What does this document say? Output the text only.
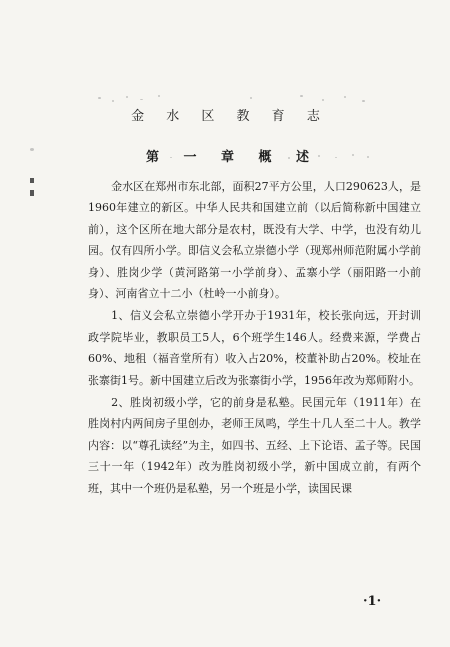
金 水 区 教 育 志
第 一 章 概 述

金水区在郑州市东北部，面积27平方公里，人口290623人，是1960年建立的新区。中华人民共和国建立前（以后简称新中国建立前），这个区所在地大部分是农村，既没有大学、中学，也没有幼儿园。仅有四所小学。即信义会私立崇德小学（现郑州师范附属小学前身）、胜岗少学（黄河路第一小学前身）、孟寨小学（丽阳路一小前身）、河南省立十二小（杜岭一小前身）。

1、信义会私立崇德小学开办于1931年，校长张向远，开封训政学院毕业，教职员工5人，6个班学生146人。经费来源，学费占60%、地租（福音堂所有）收入占20%，校董补助占20%。校址在张寨街1号。新中国建立后改为张寨街小学，1956年改为郑师附小。

2、胜岗初级小学，它的前身是私塾。民国元年（1911年）在胜岗村内两间房子里创办，老师王凤鸣，学生十几人至二十人。教学内容：以“尊孔读经”为主，如四书、五经、上下论语、孟子等。民国三十一年（1942年）改为胜岗初级小学，新中国成立前，有两个班，其中一个班仍是私塾，另一个班是小学，读国民课

·1·
